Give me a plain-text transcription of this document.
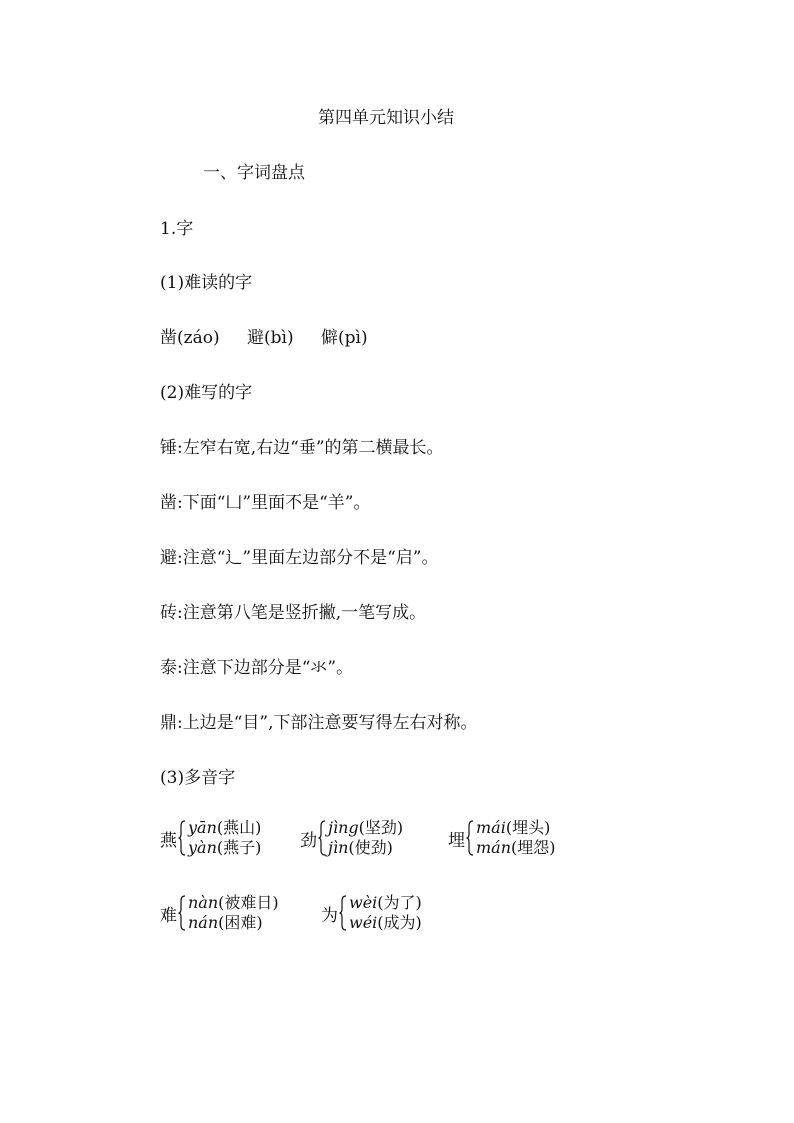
第四单元知识小结
一、字词盘点
1.字
(1)难读的字
凿(záo) 避(bì) 僻(pì)
(2)难写的字
锤:左窄右宽,右边“垂”的第二横最长。
凿:下面“凵”里面不是“羊”。
避:注意“辶”里面左边部分不是“启”。
砖:注意第八笔是竖折撇,一笔写成。
泰:注意下边部分是“氺”。
鼎:上边是“目”,下部注意要写得左右对称。
(3)多音字
燕
yān(燕山)
yàn(燕子) 劲
jìng(坚劲)
jìn(使劲)	埋
mái(埋头)
mán(埋怨)
难
nàn(被难日)
nán(困难)	为
wèi(为了)
wéi(成为)
